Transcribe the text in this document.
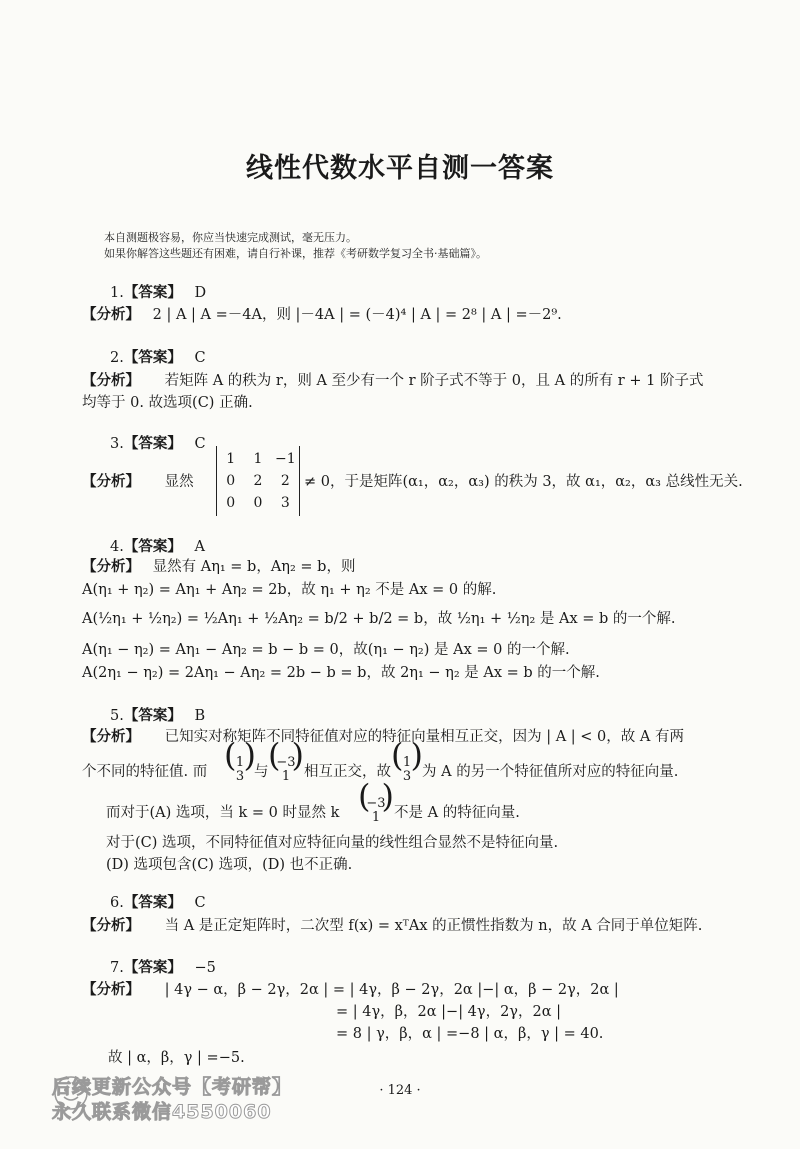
线性代数水平自测一答案
本自测题极容易，你应当快速完成测试，毫无压力。
如果你解答这些题还有困难，请自行补课，推荐《考研数学复习全书·基础篇》。
1.【答案】 D
【分析】 2 | A | A =－4A，则 |－4A | = (－4)⁴ | A | = 2⁸ | A | =－2⁹.
2.【答案】 C
【分析】 若矩阵 A 的秩为 r，则 A 至少有一个 r 阶子式不等于 0，且 A 的所有 r + 1 阶子式
均等于 0. 故选项(C) 正确.
3.【答案】 C
【分析】 显然
1	1	−1
0	2	2
0	0	3
≠ 0，于是矩阵(α₁，α₂，α₃) 的秩为 3，故 α₁，α₂，α₃ 总线性无关.
4.【答案】 A
【分析】 显然有 Aη₁ = b，Aη₂ = b，则
A(η₁ + η₂) = Aη₁ + Aη₂ = 2b，故 η₁ + η₂ 不是 Ax = 0 的解.
A(½η₁ + ½η₂) = ½Aη₁ + ½Aη₂ = b/2 + b/2 = b，故 ½η₁ + ½η₂ 是 Ax = b 的一个解.
A(η₁ − η₂) = Aη₁ − Aη₂ = b − b = 0，故(η₁ − η₂) 是 Ax = 0 的一个解.
A(2η₁ − η₂) = 2Aη₁ − Aη₂ = 2b − b = b，故 2η₁ − η₂ 是 Ax = b 的一个解.
5.【答案】 B
【分析】 已知实对称矩阵不同特征值对应的特征向量相互正交，因为 | A | < 0，故 A 有两
个不同的特征值. 而
1
3
( )
与
−3
1
( ) 相互正交，故
1
3
( ) 为 A 的另一个特征值所对应的特征向量.
而对于(A) 选项，当 k = 0 时显然 k
−3
1
( ) 不是 A 的特征向量.
对于(C) 选项，不同特征值对应特征向量的线性组合显然不是特征向量.
(D) 选项包含(C) 选项，(D) 也不正确.
6.【答案】 C
【分析】 当 A 是正定矩阵时，二次型 f(x) = xᵀAx 的正惯性指数为 n，故 A 合同于单位矩阵.
7.【答案】 −5
【分析】 | 4γ − α，β − 2γ，2α | = | 4γ，β − 2γ，2α |−| α，β − 2γ，2α |
= | 4γ，β，2α |−| 4γ，2γ，2α |
= 8 | γ，β，α | =−8 | α，β，γ | = 40.
故 | α，β，γ | =−5.
· 124 ·
后续更新公众号【考研帮】
永久联系微信4550060
